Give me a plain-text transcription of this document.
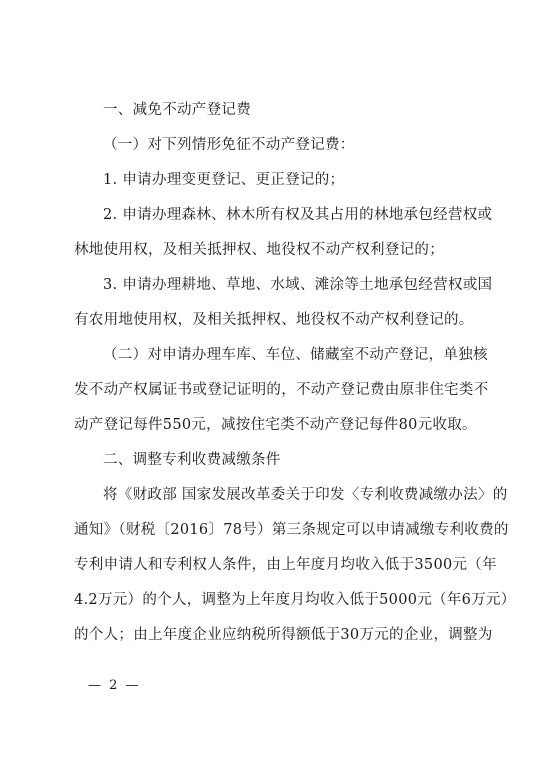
一、减免不动产登记费
（一）对下列情形免征不动产登记费：
1. 申请办理变更登记、更正登记的；
2. 申请办理森林、林木所有权及其占用的林地承包经营权或
林地使用权，及相关抵押权、地役权不动产权利登记的；
3. 申请办理耕地、草地、水域、滩涂等土地承包经营权或国
有农用地使用权，及相关抵押权、地役权不动产权利登记的。
（二）对申请办理车库、车位、储藏室不动产登记，单独核
发不动产权属证书或登记证明的，不动产登记费由原非住宅类不
动产登记每件550元，减按住宅类不动产登记每件80元收取。
二、调整专利收费减缴条件
将《财政部 国家发展改革委关于印发〈专利收费减缴办法〉的
通知》（财税〔2016〕78号）第三条规定可以申请减缴专利收费的
专利申请人和专利权人条件，由上年度月均收入低于3500元（年
4.2万元）的个人，调整为上年度月均收入低于5000元（年6万元）
的个人；由上年度企业应纳税所得额低于30万元的企业，调整为
— 2 —
